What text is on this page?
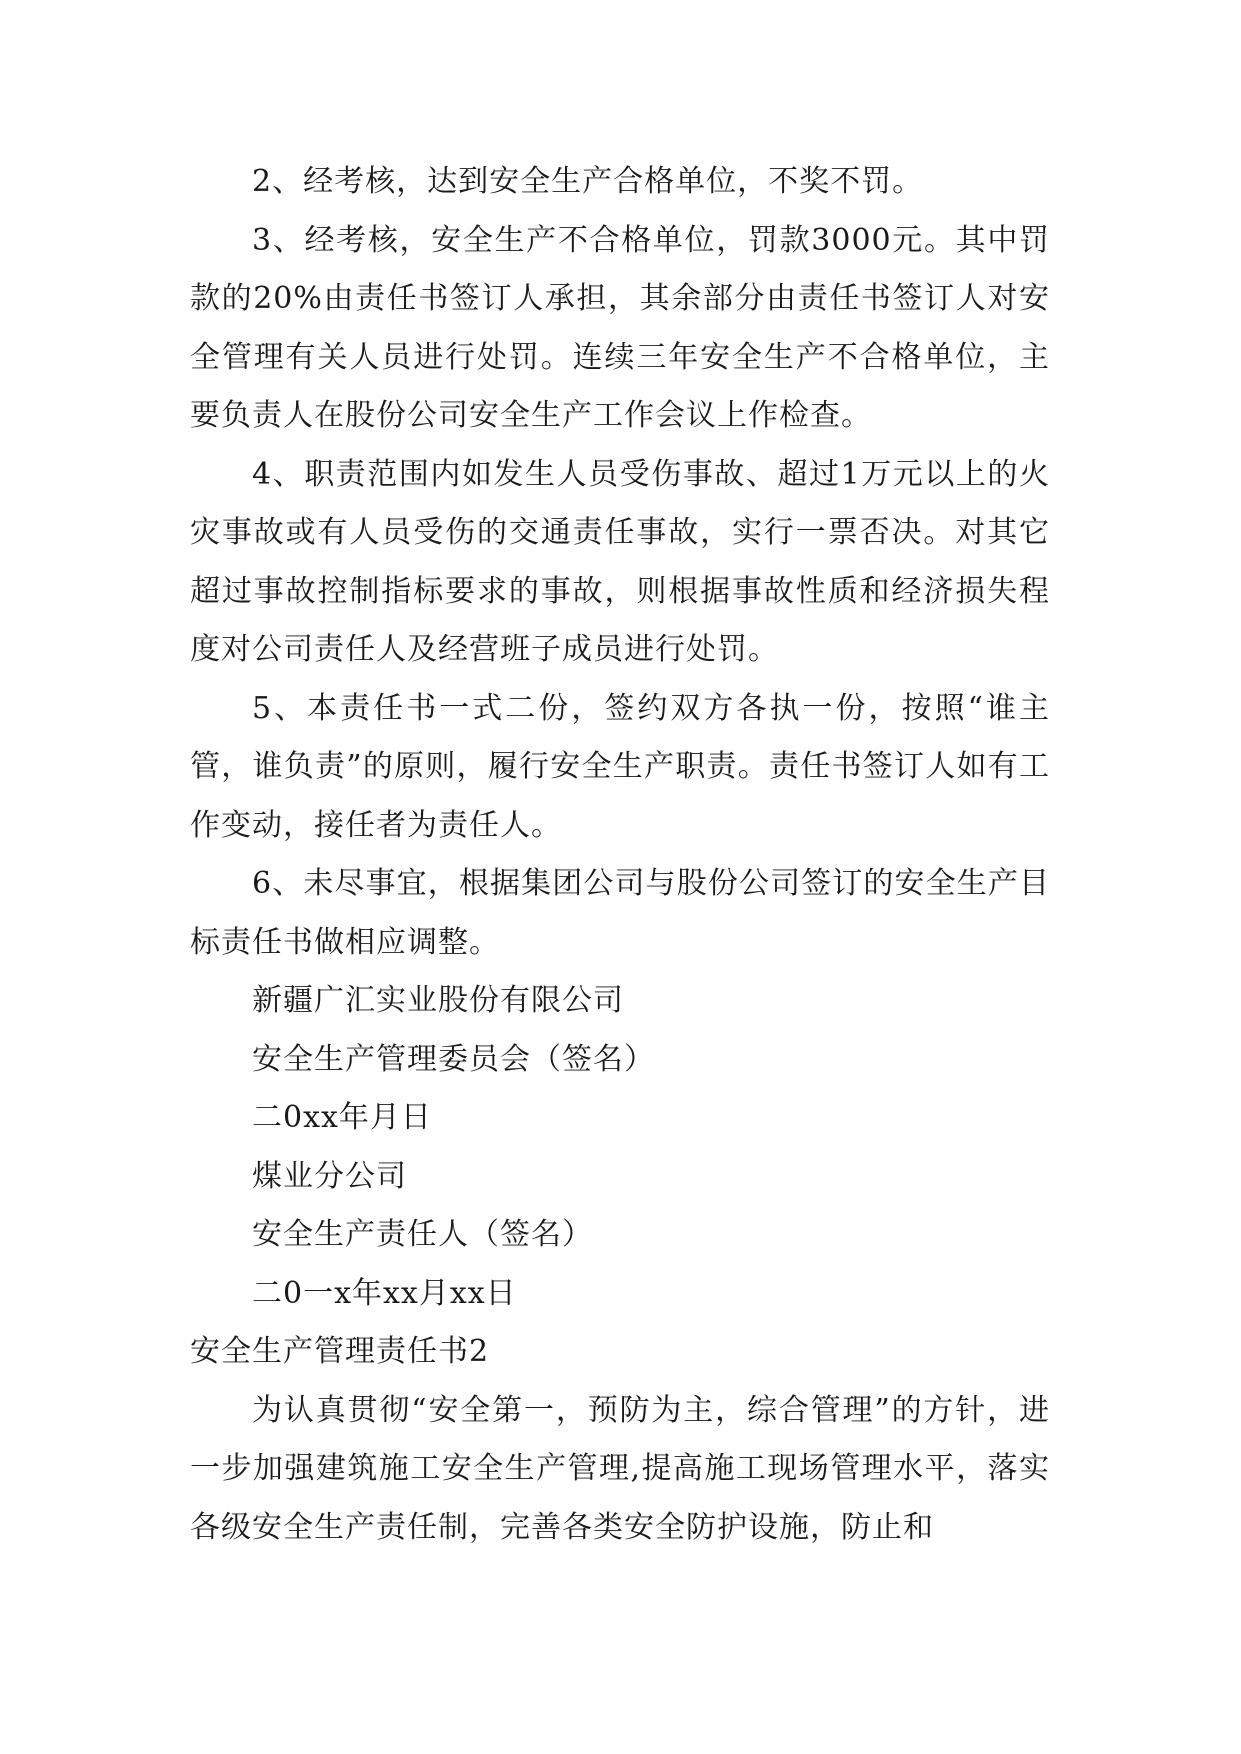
2、经考核，达到安全生产合格单位，不奖不罚。

3、经考核，安全生产不合格单位，罚款3000元。其中罚款的20%由责任书签订人承担，其余部分由责任书签订人对安全管理有关人员进行处罚。连续三年安全生产不合格单位，主要负责人在股份公司安全生产工作会议上作检查。

4、职责范围内如发生人员受伤事故、超过1万元以上的火灾事故或有人员受伤的交通责任事故，实行一票否决。对其它超过事故控制指标要求的事故，则根据事故性质和经济损失程度对公司责任人及经营班子成员进行处罚。

5、本责任书一式二份，签约双方各执一份，按照“谁主管，谁负责”的原则，履行安全生产职责。责任书签订人如有工作变动，接任者为责任人。

6、未尽事宜，根据集团公司与股份公司签订的安全生产目标责任书做相应调整。

新疆广汇实业股份有限公司

安全生产管理委员会（签名）

二0xx年月日

煤业分公司

安全生产责任人（签名）

二0一x年xx月xx日

安全生产管理责任书2

为认真贯彻“安全第一，预防为主，综合管理”的方针，进一步加强建筑施工安全生产管理,提高施工现场管理水平，落实各级安全生产责任制，完善各类安全防护设施，防止和
